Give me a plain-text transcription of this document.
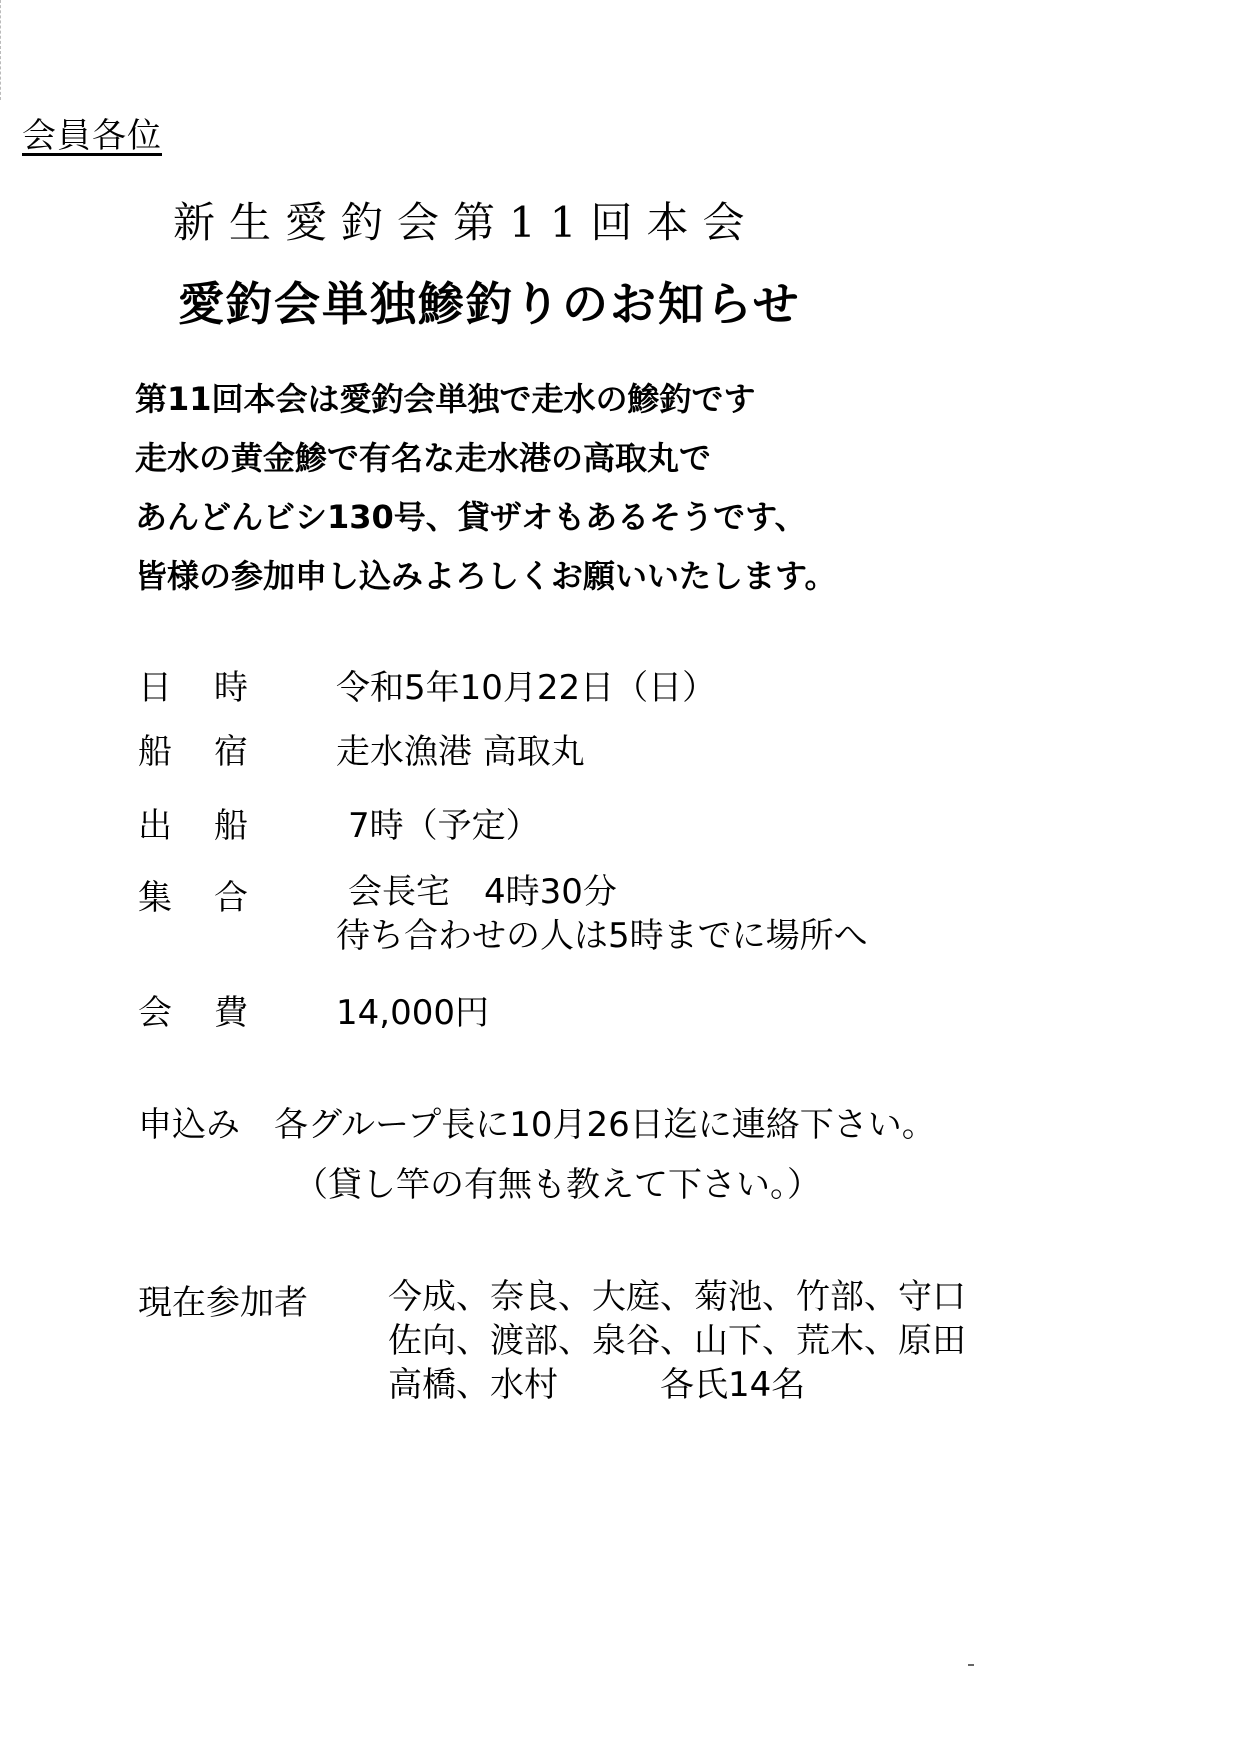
会員各位
新生愛釣会第11回本会
愛釣会単独鯵釣りのお知らせ
第11回本会は愛釣会単独で走水の鯵釣です
走水の黄金鯵で有名な走水港の高取丸で
あんどんビシ130号、貸ザオもあるそうです、
皆様の参加申し込みよろしくお願いいたします。
日 時	令和5年10月22日（日）
船 宿	走水漁港 高取丸
出 船	7時（予定）
集 合	会長宅　4時30分
待ち合わせの人は5時までに場所へ
会 費	14,000円
申込み　各グループ長に10月26日迄に連絡下さい。
（貸し竿の有無も教えて下さい。）
現在参加者 今成、奈良、大庭、菊池、竹部、守口
佐向、渡部、泉谷、山下、荒木、原田
高橋、水村　　　各氏14名
